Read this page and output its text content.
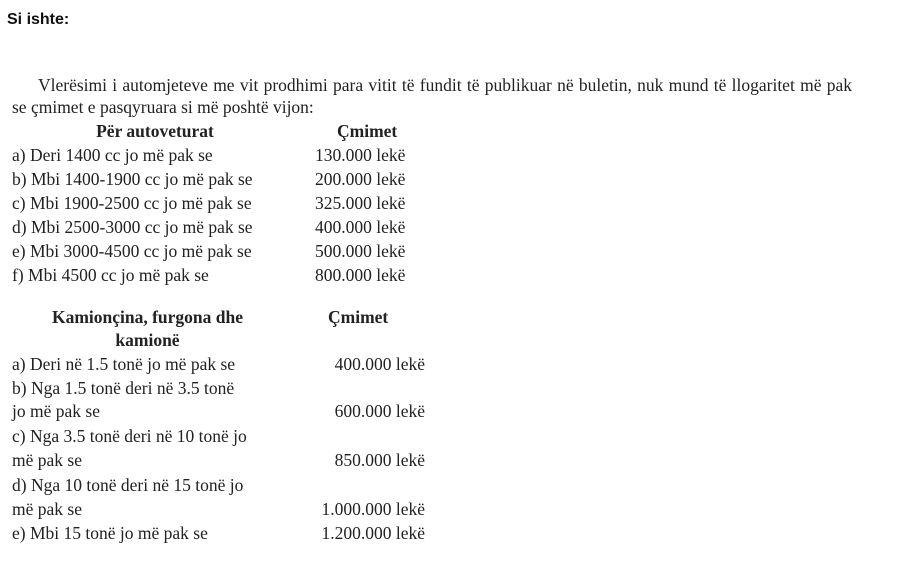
Si ishte:
Vlerësimi i automjeteve me vit prodhimi para vitit të fundit të publikuar në buletin, nuk mund të llogaritet më pak se çmimet e pasqyruara si më poshtë vijon:
Për autoveturat	Çmimet
a) Deri 1400 cc jo më pak se	130.000 lekë
b) Mbi 1400-1900 cc jo më pak se	200.000 lekë
c) Mbi 1900-2500 cc jo më pak se	325.000 lekë
d) Mbi 2500-3000 cc jo më pak se	400.000 lekë
e) Mbi 3000-4500 cc jo më pak se	500.000 lekë
f) Mbi 4500 cc jo më pak se	800.000 lekë
Kamionçina, furgona dhe
kamionë
Çmimet
a) Deri në 1.5 tonë jo më pak se	400.000 lekë
b) Nga 1.5 tonë deri në 3.5 tonë
jo më pak se	600.000 lekë
c) Nga 3.5 tonë deri në 10 tonë jo
më pak se	850.000 lekë
d) Nga 10 tonë deri në 15 tonë jo
më pak se	1.000.000 lekë
e) Mbi 15 tonë jo më pak se	1.200.000 lekë
